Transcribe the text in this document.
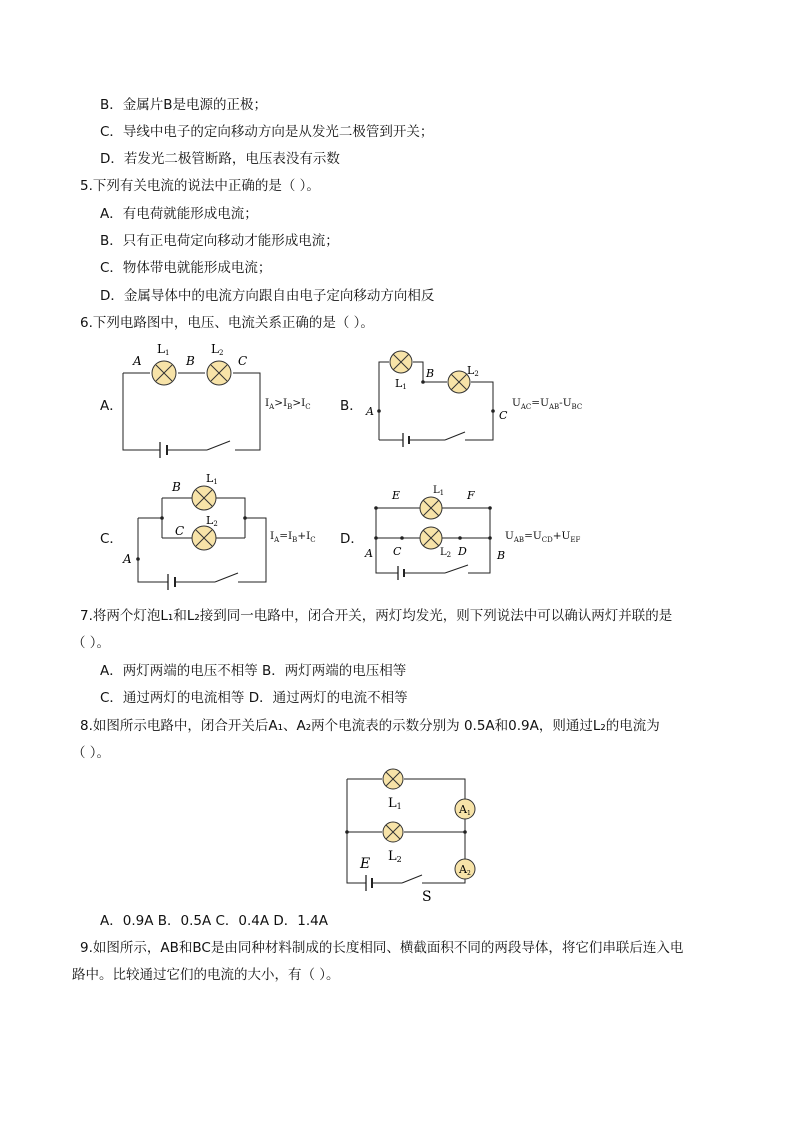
B．金属片B是电源的正极；
C．导线中电子的定向移动方向是从发光二极管到开关；
D．若发光二极管断路，电压表没有示数
5.下列有关电流的说法中正确的是（ ）。
A．有电荷就能形成电流；
B．只有正电荷定向移动才能形成电流；
C．物体带电就能形成电流；
D．金属导体中的电流方向跟自由电子定向移动方向相反
6.下列电路图中，电压、电流关系正确的是（ ）。
A．	B．
C．	D．
A	B	C
L1	L2
$I_A>I_B>I_C$
B
A	C
L1
L2
$U_{AC}=U_{AB}-U_{BC}$
B
C
A
L1
L2
$I_A=I_B+I_C$
E	F
A C	D	B
$L_1$
$L_2$
$U_{AB}=U_{CD}+U_{EF}$
7.将两个灯泡L₁和L₂接到同一电路中，闭合开关，两灯均发光，则下列说法中可以确认两灯并联的是
（ ）。
A．两灯两端的电压不相等 B．两灯两端的电压相等
C．通过两灯的电流相等 D．通过两灯的电流不相等
8.如图所示电路中，闭合开关后A₁、A₂两个电流表的示数分别为 0.5A和0.9A，则通过L₂的电流为
（ ）。
A1
A2
L1
L2
E
S
A．0.9A B．0.5A C．0.4A D．1.4A
9.如图所示，AB和BC是由同种材料制成的长度相同、横截面积不同的两段导体，将它们串联后连入电
路中。比较通过它们的电流的大小，有（ ）。
